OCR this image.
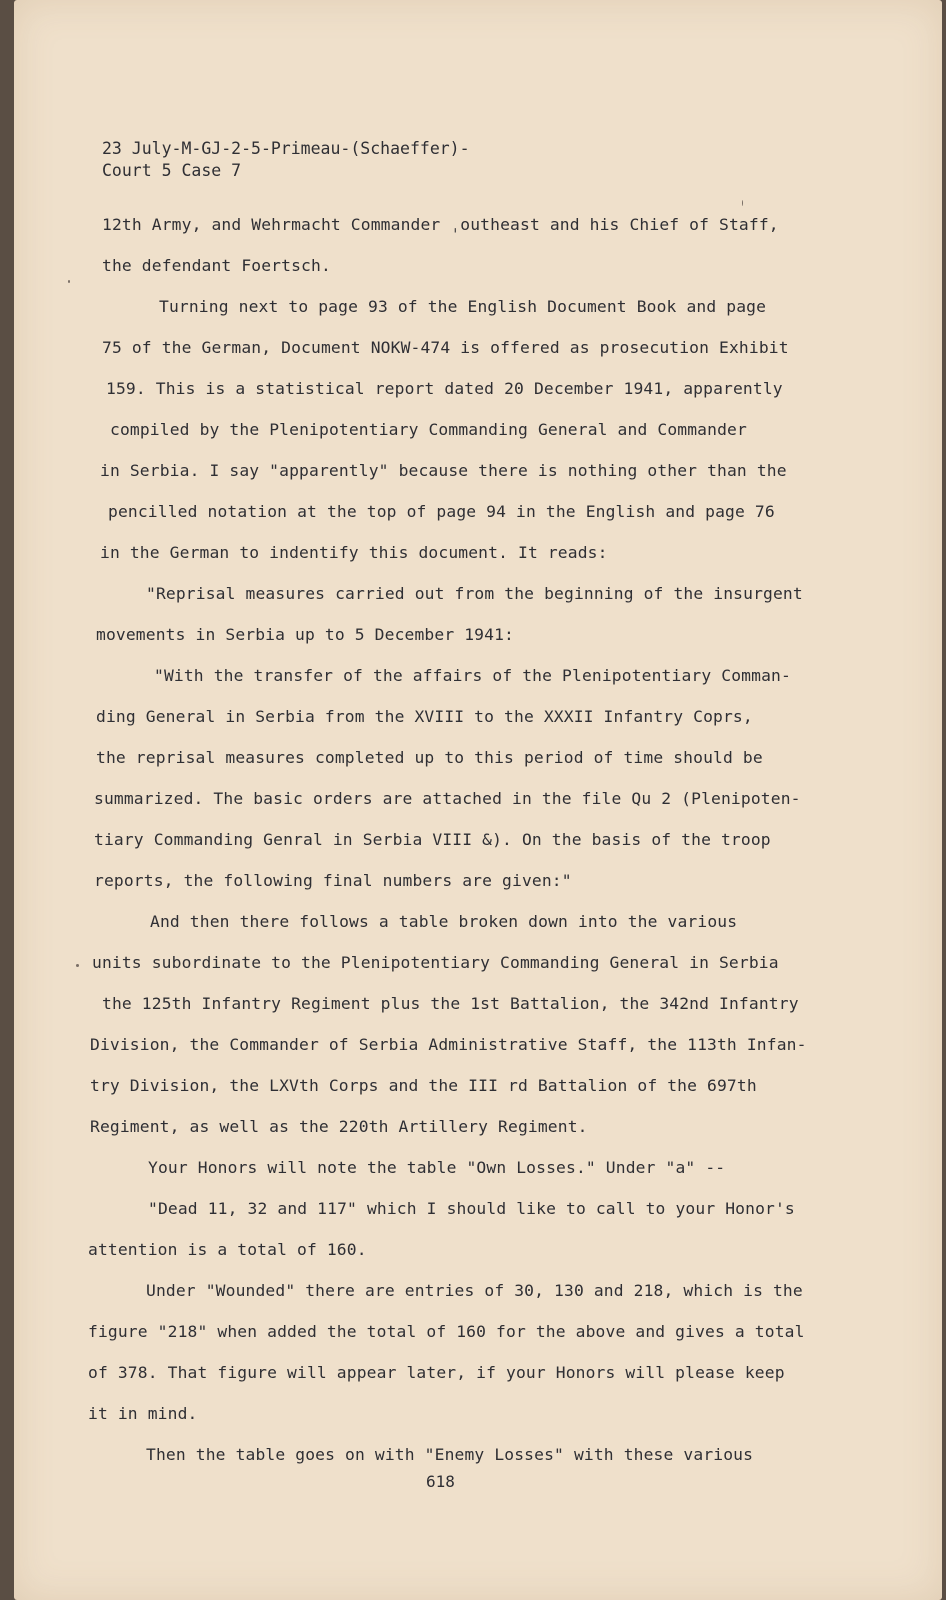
23 July-M-GJ-2-5-Primeau-(Schaeffer)-
Court 5 Case 7
12th Army, and Wehrmacht Commander ˌoutheast and his Chief of Staff,
the defendant Foertsch.
Turning next to page 93 of the English Document Book and page
75 of the German, Document NOKW-474 is offered as prosecution Exhibit
159. This is a statistical report dated 20 December 1941, apparently
compiled by the Plenipotentiary Commanding General and Commander
in Serbia. I say "apparently" because there is nothing other than the
pencilled notation at the top of page 94 in the English and page 76
in the German to indentify this document. It reads:
"Reprisal measures carried out from the beginning of the insurgent
movements in Serbia up to 5 December 1941:
"With the transfer of the affairs of the Plenipotentiary Comman-
ding General in Serbia from the XVIII to the XXXII Infantry Coprs,
the reprisal measures completed up to this period of time should be
summarized. The basic orders are attached in the file Qu 2 (Plenipoten-
tiary Commanding Genral in Serbia VIII &). On the basis of the troop
reports, the following final numbers are given:"
And then there follows a table broken down into the various
units subordinate to the Plenipotentiary Commanding General in Serbia
the 125th Infantry Regiment plus the 1st Battalion, the 342nd Infantry
Division, the Commander of Serbia Administrative Staff, the 113th Infan-
try Division, the LXVth Corps and the III rd Battalion of the 697th
Regiment, as well as the 220th Artillery Regiment.
Your Honors will note the table "Own Losses." Under "a" --
"Dead 11, 32 and 117" which I should like to call to your Honor's
attention is a total of 160.
Under "Wounded" there are entries of 30, 130 and 218, which is the
figure "218" when added the total of 160 for the above and gives a total
of 378. That figure will appear later, if your Honors will please keep
it in mind.
Then the table goes on with "Enemy Losses" with these various
618
